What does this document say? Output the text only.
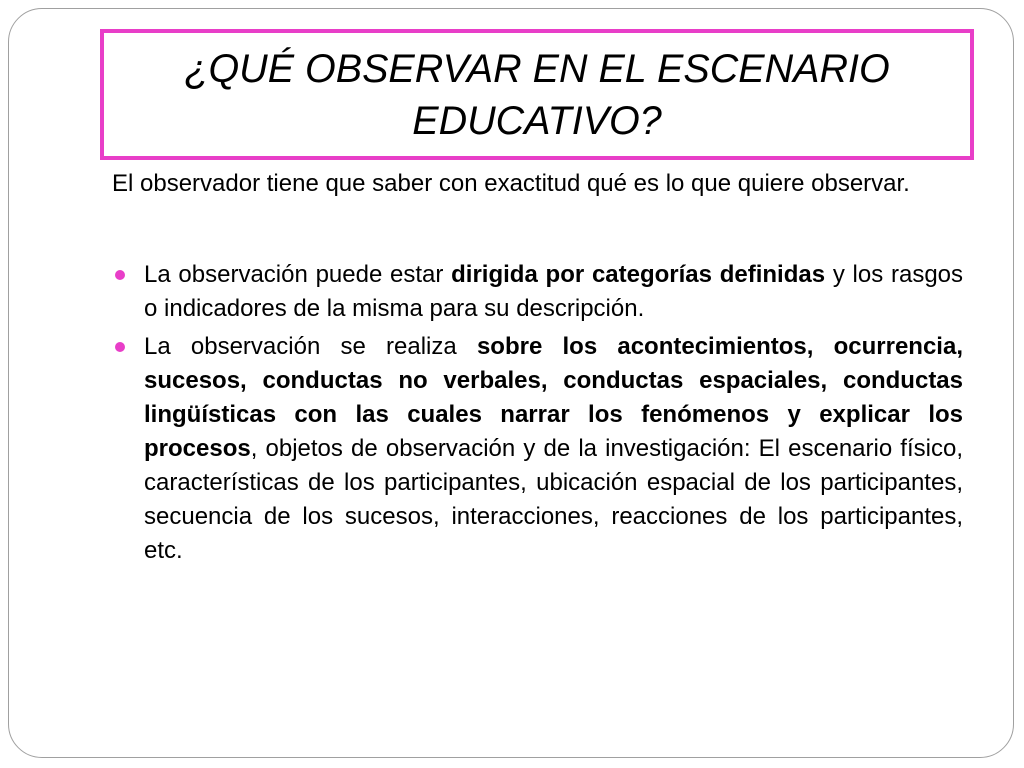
¿QUÉ OBSERVAR EN EL ESCENARIO EDUCATIVO?

El observador tiene que saber con exactitud qué es lo que quiere observar.

La observación puede estar dirigida por categorías definidas y los rasgos o indicadores de la misma para su descripción.
La observación se realiza sobre los acontecimientos, ocurrencia, sucesos, conductas no verbales, conductas espaciales, conductas lingüísticas con las cuales narrar los fenómenos y explicar los procesos, objetos de observación y de la investigación: El escenario físico, características de los participantes, ubicación espacial de los participantes, secuencia de los sucesos, interacciones, reacciones de los participantes, etc.
